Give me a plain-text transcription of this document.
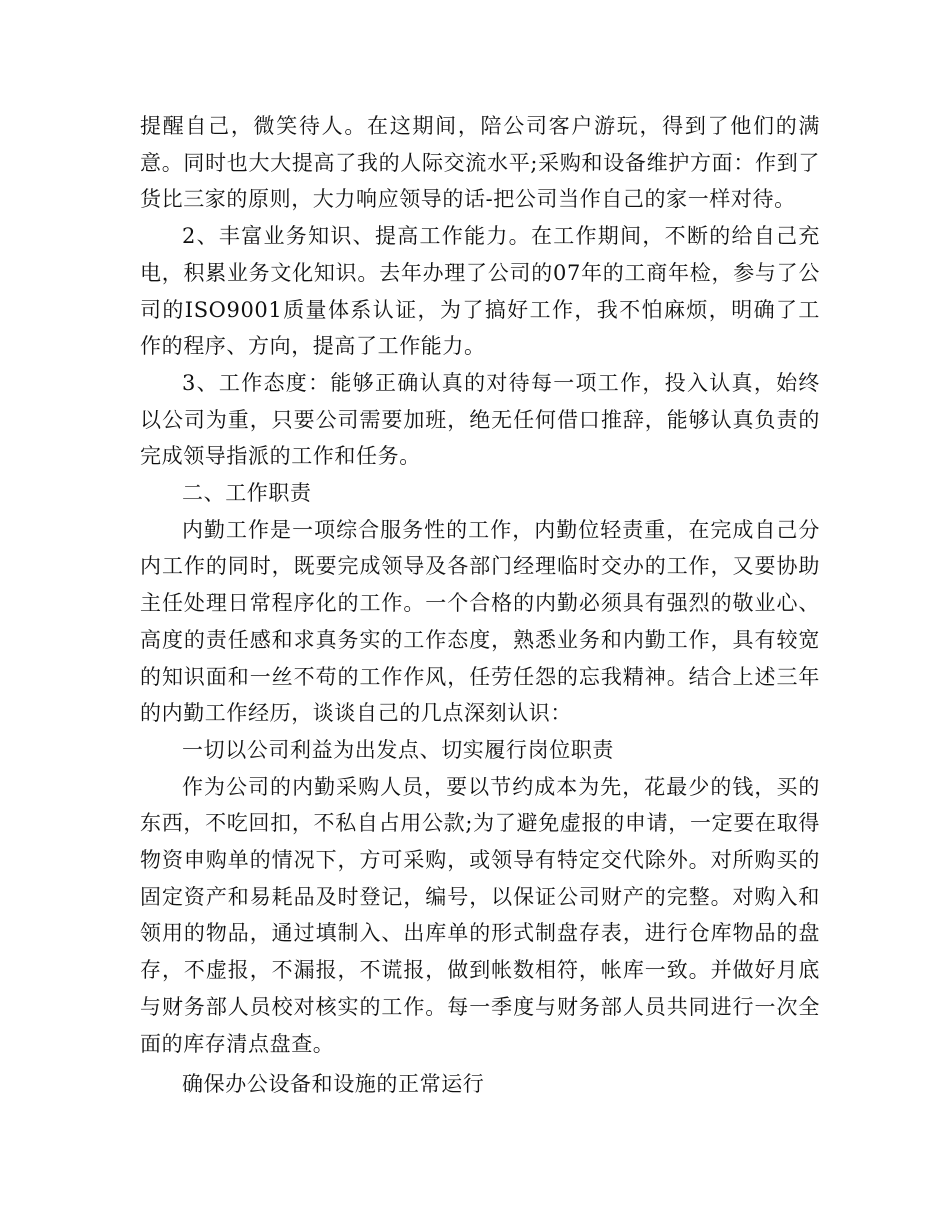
提醒自己，微笑待人。在这期间，陪公司客户游玩，得到了他们的满意。同时也大大提高了我的人际交流水平;采购和设备维护方面：作到了货比三家的原则，大力响应领导的话-把公司当作自己的家一样对待。

2、丰富业务知识、提高工作能力。在工作期间，不断的给自己充电，积累业务文化知识。去年办理了公司的07年的工商年检，参与了公司的ISO9001质量体系认证，为了搞好工作，我不怕麻烦，明确了工作的程序、方向，提高了工作能力。

3、工作态度：能够正确认真的对待每一项工作，投入认真，始终以公司为重，只要公司需要加班，绝无任何借口推辞，能够认真负责的完成领导指派的工作和任务。

二、工作职责

内勤工作是一项综合服务性的工作，内勤位轻责重，在完成自己分内工作的同时，既要完成领导及各部门经理临时交办的工作，又要协助主任处理日常程序化的工作。一个合格的内勤必须具有强烈的敬业心、高度的责任感和求真务实的工作态度，熟悉业务和内勤工作，具有较宽的知识面和一丝不苟的工作作风，任劳任怨的忘我精神。结合上述三年的内勤工作经历，谈谈自己的几点深刻认识：

一切以公司利益为出发点、切实履行岗位职责

作为公司的内勤采购人员，要以节约成本为先，花最少的钱，买的东西，不吃回扣，不私自占用公款;为了避免虚报的申请，一定要在取得物资申购单的情况下，方可采购，或领导有特定交代除外。对所购买的固定资产和易耗品及时登记，编号，以保证公司财产的完整。对购入和领用的物品，通过填制入、出库单的形式制盘存表，进行仓库物品的盘存，不虚报，不漏报，不谎报，做到帐数相符，帐库一致。并做好月底与财务部人员校对核实的工作。每一季度与财务部人员共同进行一次全面的库存清点盘查。

确保办公设备和设施的正常运行
